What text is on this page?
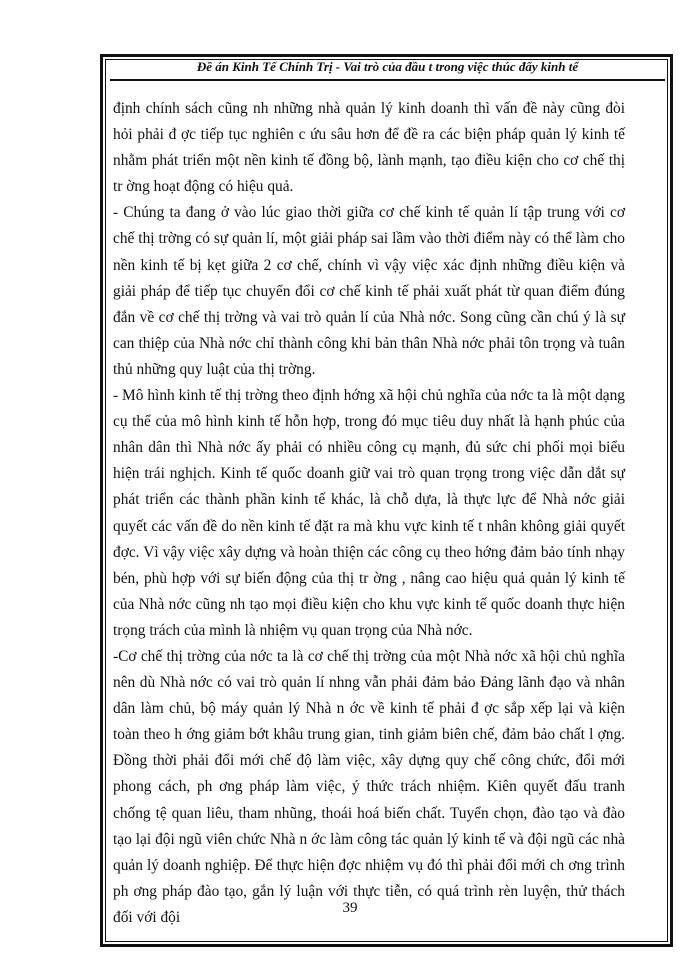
Đề án Kinh Tế Chính Trị - Vai trò của đầu t trong việc thúc đẩy kinh tế

định chính sách cũng nh những nhà quản lý kinh doanh thì vấn đề này cũng đòi hỏi phải đ ợc tiếp tục nghiên c ứu sâu hơn để đề ra các biện pháp quản lý kinh tế nhằm phát triển một nền kinh tế đồng bộ, lành mạnh, tạo điều kiện cho cơ chế thị tr ờng hoạt động có hiệu quả.

- Chúng ta đang ở vào lúc giao thời giữa cơ chế kinh tế quản lí tập trung với cơ chế thị trờng có sự quản lí, một giải pháp sai lầm vào thời điểm này có thể làm cho nền kinh tế bị kẹt giữa 2 cơ chế, chính vì vậy việc xác định những điều kiện và giải pháp để tiếp tục chuyển đổi cơ chế kinh tế phải xuất phát từ quan điểm đúng đắn về cơ chế thị trờng và vai trò quản lí của Nhà nớc. Song cũng cần chú ý là sự can thiệp của Nhà nớc chỉ thành công khi bản thân Nhà nớc phải tôn trọng và tuân thủ những quy luật của thị trờng.

- Mô hình kinh tế thị trờng theo định hớng xã hội chủ nghĩa của nớc ta là một dạng cụ thể của mô hình kinh tế hỗn hợp, trong đó mục tiêu duy nhất là hạnh phúc của nhân dân thì Nhà nớc ấy phải có nhiều công cụ mạnh, đủ sức chi phối mọi biểu hiện trái nghịch. Kinh tế quốc doanh giữ vai trò quan trọng trong việc dẫn dắt sự phát triển các thành phần kinh tế khác, là chỗ dựa, là thực lực để Nhà nớc giải quyết các vấn đề do nền kinh tế đặt ra mà khu vực kinh tế t nhân không giải quyết đợc. Vì vậy việc xây dựng và hoàn thiện các công cụ theo hớng đảm bảo tính nhạy bén, phù hợp với sự biến động của thị tr ờng , nâng cao hiệu quả quản lý kinh tế của Nhà nớc cũng nh tạo mọi điều kiện cho khu vực kinh tế quốc doanh thực hiện trọng trách của mình là nhiệm vụ quan trọng của Nhà nớc.

-Cơ chế thị trờng của nớc ta là cơ chế thị trờng của một Nhà nớc xã hội chủ nghĩa nên dù Nhà nớc có vai trò quản lí nhng vẫn phải đảm bảo Đảng lãnh đạo và nhân dân làm chủ, bộ máy quản lý Nhà n ớc về kinh tế phải đ ợc sắp xếp lại và kiện toàn theo h ớng giảm bớt khâu trung gian, tinh giảm biên chế, đảm bảo chất l ợng. Đồng thời phải đổi mới chế độ làm việc, xây dựng quy chế công chức, đổi mới phong cách, ph ơng pháp làm việc, ý thức trách nhiệm. Kiên quyết đấu tranh chống tệ quan liêu, tham nhũng, thoái hoá biến chất. Tuyển chọn, đào tạo và đào tạo lại đội ngũ viên chức Nhà n ớc làm công tác quản lý kinh tế và đội ngũ các nhà quản lý doanh nghiệp. Để thực hiện đợc nhiệm vụ đó thì phải đổi mới ch ơng trình ph ơng pháp đào tạo, gắn lý luận với thực tiễn, có quá trình rèn luyện, thử thách đối với đội

39
